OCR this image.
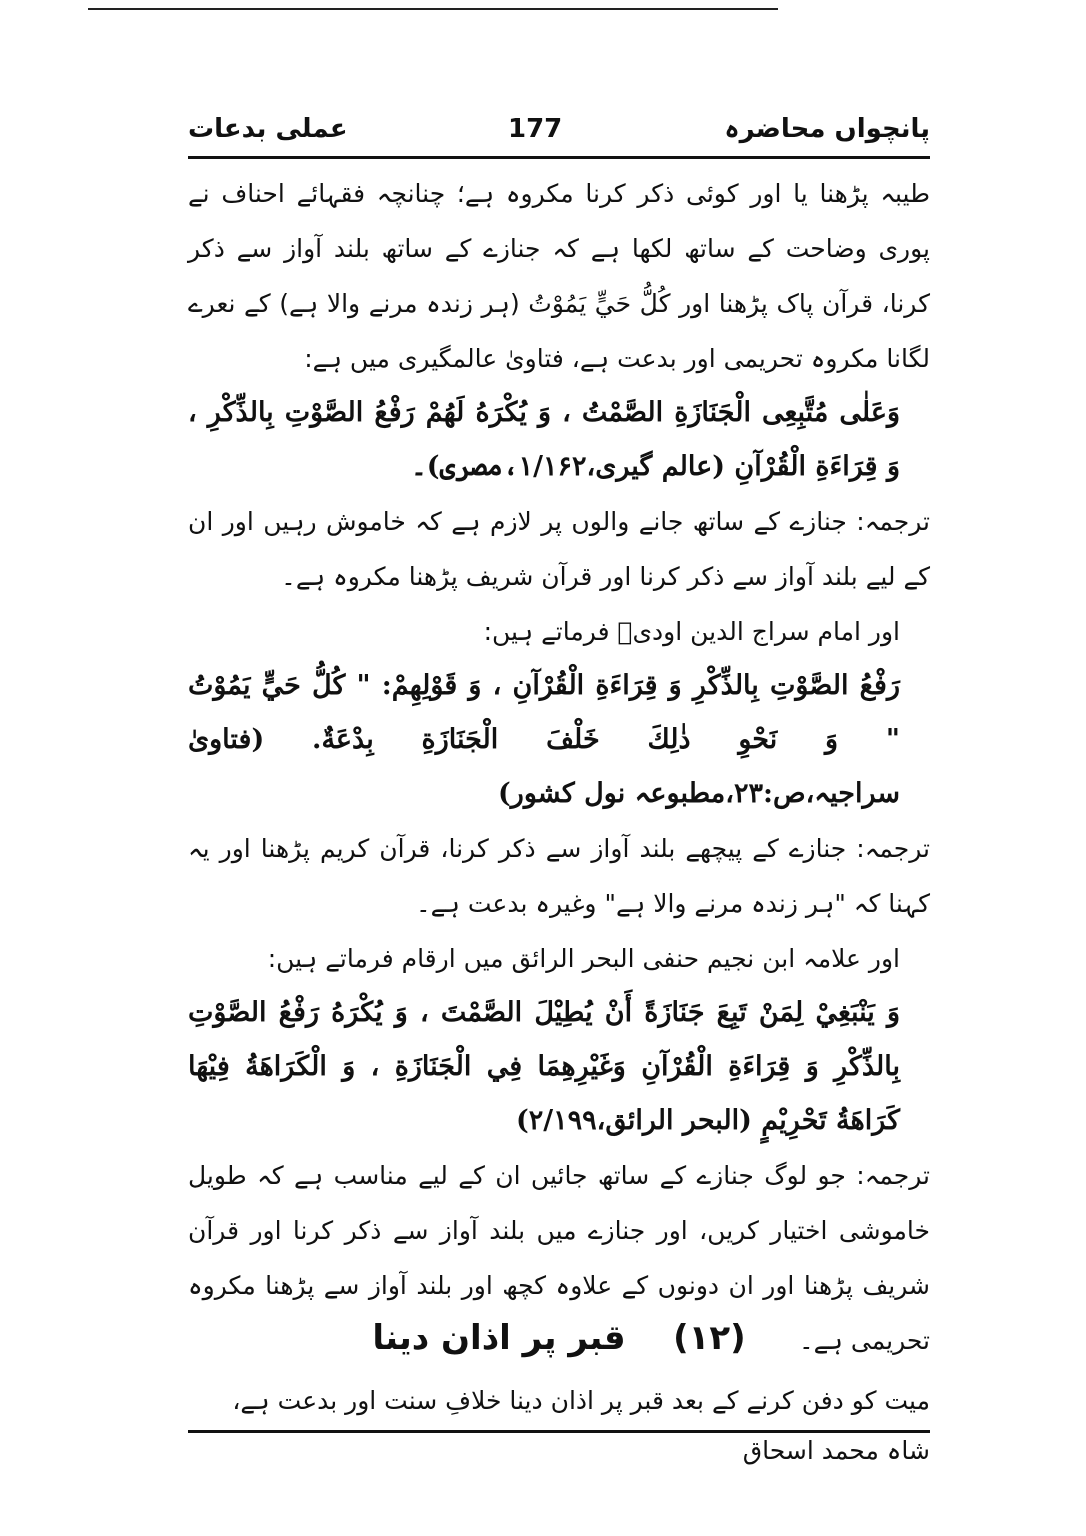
پانچواں محاضرہ
177
عملی بدعات

طیبہ پڑھنا یا اور کوئی ذکر کرنا مکروہ ہے؛ چنانچہ فقہائے احناف نے پوری وضاحت کے ساتھ لکھا ہے کہ جنازے کے ساتھ بلند آواز سے ذکر کرنا، قرآن پاک پڑھنا اور کُلُّ حَيٍّ یَمُوْتُ (ہر زندہ مرنے والا ہے) کے نعرے لگانا مکروہ تحریمی اور بدعت ہے، فتاویٰ عالمگیری میں ہے:

وَعَلٰی مُتَّبِعِی الْجَنَازَةِ الصَّمْتُ ، وَ یُکْرَهُ لَهُمْ رَفْعُ الصَّوْتِ بِالذِّکْرِ ، وَ قِرَاءَةِ الْقُرْآنِ (عالم گیری،۱/۱۶۲،مصری)۔

ترجمہ: جنازے کے ساتھ جانے والوں پر لازم ہے کہ خاموش رہیں اور ان کے لیے بلند آواز سے ذکر کرنا اور قرآن شریف پڑھنا مکروہ ہے۔

اور امام سراج الدین اودیؒ فرماتے ہیں:

رَفْعُ الصَّوْتِ بِالذِّکْرِ وَ قِرَاءَةِ الْقُرْآنِ ، وَ قَوْلِهِمْ: " کُلُّ حَيٍّ یَمُوْتُ " وَ نَحْوِ ذٰلِكَ خَلْفَ الْجَنَازَةِ بِدْعَةٌ. (فتاویٰ سراجیہ،ص:۲۳،مطبوعہ نول کشور)

ترجمہ: جنازے کے پیچھے بلند آواز سے ذکر کرنا، قرآن کریم پڑھنا اور یہ کہنا کہ "ہر زندہ مرنے والا ہے" وغیرہ بدعت ہے۔

اور علامہ ابن نجیم حنفی البحر الرائق میں ارقام فرماتے ہیں:

وَ یَنْبَغِيْ لِمَنْ تَبِعَ جَنَازَةً أَنْ یُطِیْلَ الصَّمْتَ ، وَ یُکْرَهُ رَفْعُ الصَّوْتِ بِالذِّکْرِ وَ قِرَاءَةِ الْقُرْآنِ وَغَیْرِهِمَا فِي الْجَنَازَةِ ، وَ الْکَرَاهَةُ فِیْهَا کَرَاهَةُ تَحْرِیْمٍ (البحر الرائق،۲/۱۹۹)

ترجمہ: جو لوگ جنازے کے ساتھ جائیں ان کے لیے مناسب ہے کہ طویل خاموشی اختیار کریں، اور جنازے میں بلند آواز سے ذکر کرنا اور قرآن شریف پڑھنا اور ان دونوں کے علاوہ کچھ اور بلند آواز سے پڑھنا مکروہ تحریمی ہے۔

(۱۲)    قبر پر اذان دینا
میت کو دفن کرنے کے بعد قبر پر اذان دینا خلافِ سنت اور بدعت ہے، شاہ محمد اسحاق
